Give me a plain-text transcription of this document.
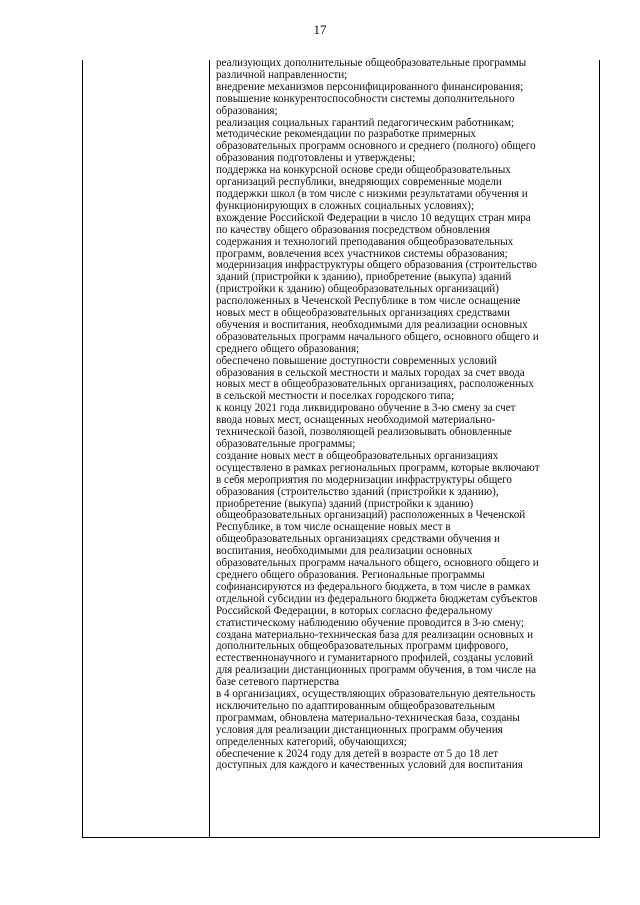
17
реализующих дополнительные общеобразовательные программы
различной направленности;
внедрение механизмов персонифицированного финансирования;
повышение конкурентоспособности системы дополнительного
образования;
реализация социальных гарантий педагогическим работникам;
методические рекомендации по разработке примерных
образовательных программ основного и среднего (полного) общего
образования подготовлены и утверждены;
поддержка на конкурсной основе среди общеобразовательных
организаций республики, внедряющих современные модели
поддержки школ (в том числе с низкими результатами обучения и
функционирующих в сложных социальных условиях);
вхождение Российской Федерации в число 10 ведущих стран мира
по качеству общего образования посредством обновления
содержания и технологий преподавания общеобразовательных
программ, вовлечения всех участников системы образования;
модернизация инфраструктуры общего образования (строительство
зданий (пристройки к зданию), приобретение (выкупа) зданий
(пристройки к зданию) общеобразовательных организаций)
расположенных в Чеченской Республике в том числе оснащение
новых мест в общеобразовательных организациях средствами
обучения и воспитания, необходимыми для реализации основных
образовательных программ начального общего, основного общего и
среднего общего образования;
обеспечено повышение доступности современных условий
образования в сельской местности и малых городах за счет ввода
новых мест в общеобразовательных организациях, расположенных
в сельской местности и поселках городского типа;
к концу 2021 года ликвидировано обучение в 3-ю смену за счет
ввода новых мест, оснащенных необходимой материально-
технической базой, позволяющей реализовывать обновленные
образовательные программы;
создание новых мест в общеобразовательных организациях
осуществлено в рамках региональных программ, которые включают
в себя мероприятия по модернизации инфраструктуры общего
образования (строительство зданий (пристройки к зданию),
приобретение (выкупа) зданий (пристройки к зданию)
общеобразовательных организаций) расположенных в Чеченской
Республике, в том числе оснащение новых мест в
общеобразовательных организациях средствами обучения и
воспитания, необходимыми для реализации основных
образовательных программ начального общего, основного общего и
среднего общего образования. Региональные программы
софинансируются из федерального бюджета, в том числе в рамках
отдельной субсидии из федерального бюджета бюджетам субъектов
Российской Федерации, в которых согласно федеральному
статистическому наблюдению обучение проводится в 3-ю смену;
создана материально-техническая база для реализации основных и
дополнительных общеобразовательных программ цифрового,
естественнонаучного и гуманитарного профилей, созданы условий
для реализации дистанционных программ обучения, в том числе на
базе сетевого партнерства
в 4 организациях, осуществляющих образовательную деятельность
исключительно по адаптированным общеобразовательным
программам, обновлена материально-техническая база, созданы
условия для реализации дистанционных программ обучения
определенных категорий, обучающихся;
обеспечение к 2024 году для детей в возрасте от 5 до 18 лет
доступных для каждого и качественных условий для воспитания
